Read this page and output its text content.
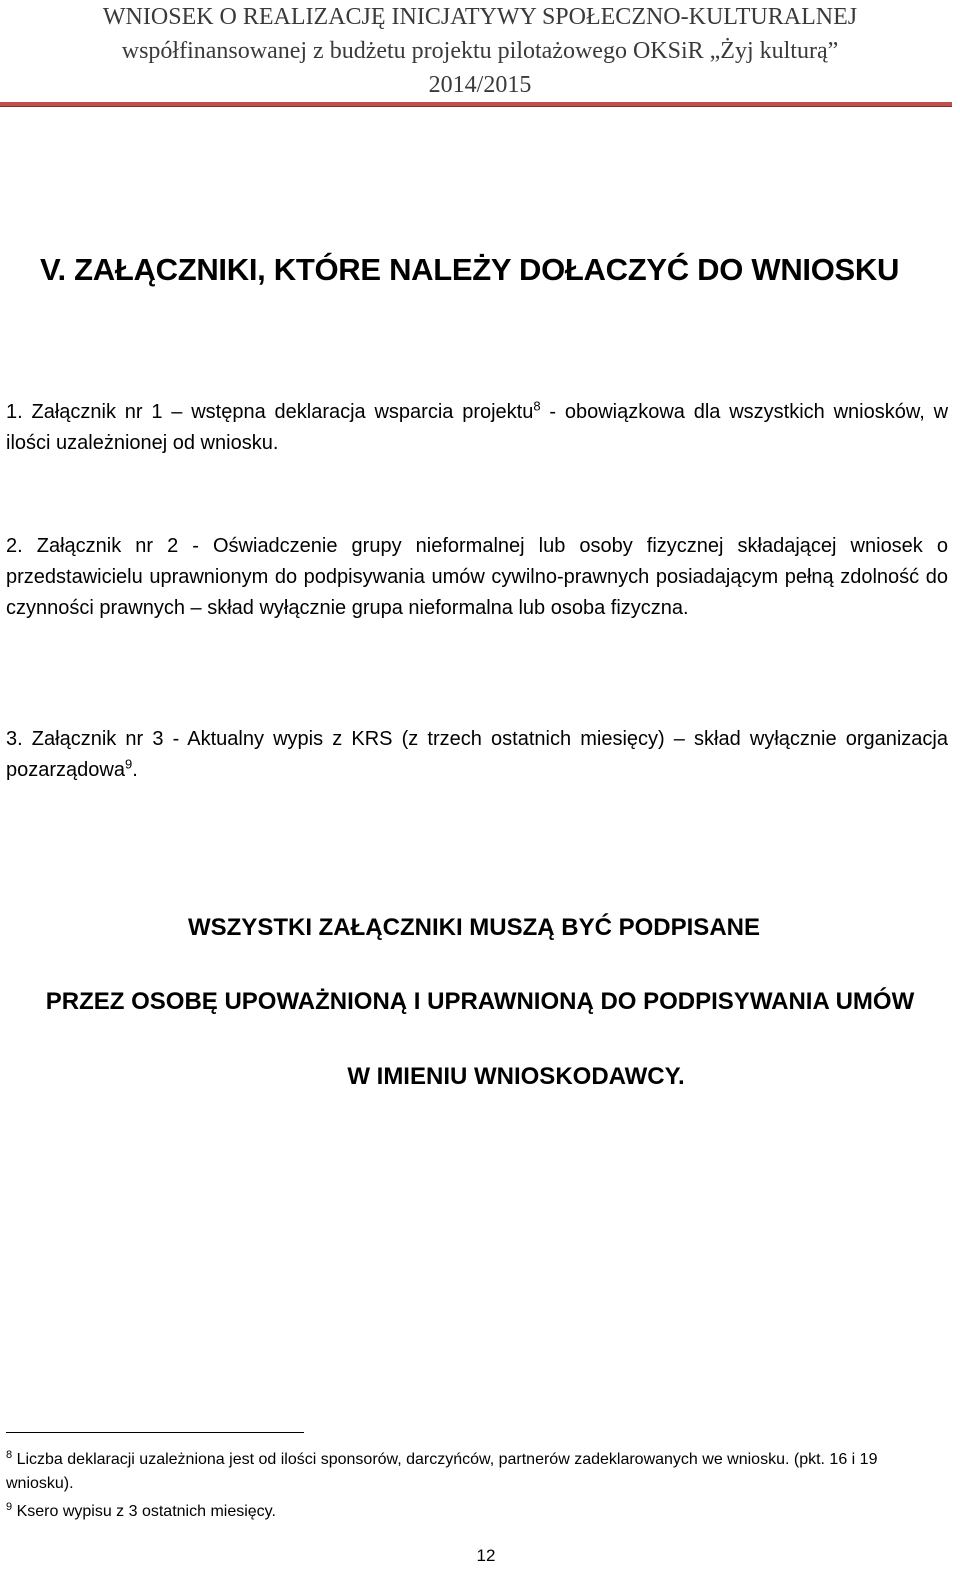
WNIOSEK O REALIZACJĘ INICJATYWY SPOŁECZNO-KULTURALNEJ
współfinansowanej z budżetu projektu pilotażowego OKSiR „Żyj kulturą”
2014/2015
V. ZAŁĄCZNIKI, KTÓRE NALEŻY DOŁACZYĆ DO WNIOSKU

1. Załącznik nr 1 – wstępna deklaracja wsparcia projektu$^8$ - obowiązkowa dla wszystkich wniosków, w ilości uzależnionej od wniosku.

2. Załącznik nr 2 - Oświadczenie grupy nieformalnej lub osoby fizycznej składającej wniosek o przedstawicielu uprawnionym do podpisywania umów cywilno-prawnych posiadającym pełną zdolność do czynności prawnych – skład wyłącznie grupa nieformalna lub osoba fizyczna.

3. Załącznik nr 3 - Aktualny wypis z KRS (z trzech ostatnich miesięcy) – skład wyłącznie organizacja pozarządowa$^9$.

WSZYSTKI ZAŁĄCZNIKI MUSZĄ BYĆ PODPISANE
PRZEZ OSOBĘ UPOWAŻNIONĄ I UPRAWNIONĄ DO PODPISYWANIA UMÓW
W IMIENIU WNIOSKODAWCY.

$^8$ Liczba deklaracji uzależniona jest od ilości sponsorów, darczyńców, partnerów zadeklarowanych we wniosku. (pkt. 16 i 19 wniosku).

$^9$ Ksero wypisu z 3 ostatnich miesięcy.

12
